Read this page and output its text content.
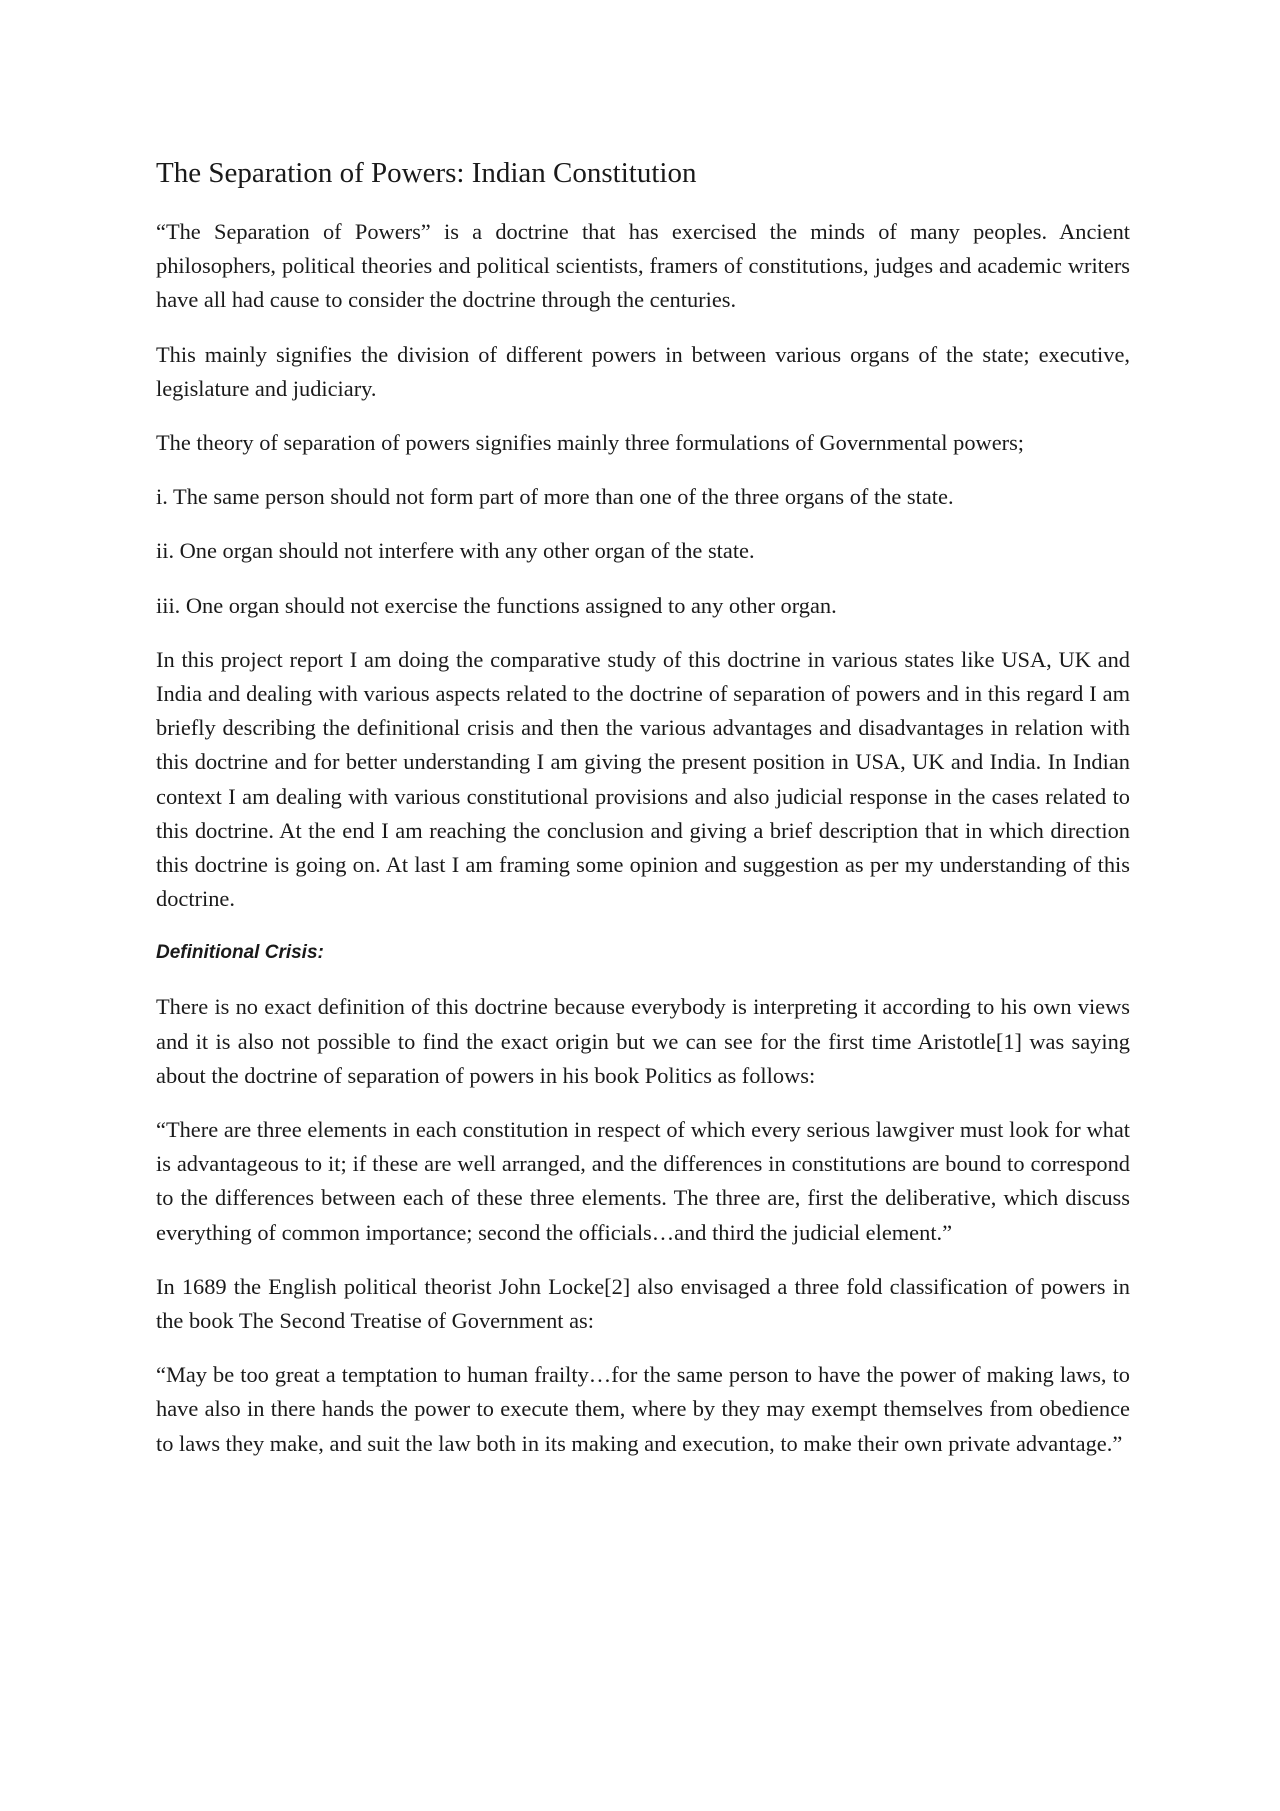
The Separation of Powers: Indian Constitution

“The Separation of Powers” is a doctrine that has exercised the minds of many peoples. Ancient philosophers, political theories and political scientists, framers of constitutions, judges and academic writers have all had cause to consider the doctrine through the centuries.

This mainly signifies the division of different powers in between various organs of the state; executive, legislature and judiciary.

The theory of separation of powers signifies mainly three formulations of Governmental powers;

i. The same person should not form part of more than one of the three organs of the state.

ii. One organ should not interfere with any other organ of the state.

iii. One organ should not exercise the functions assigned to any other organ.

In this project report I am doing the comparative study of this doctrine in various states like USA, UK and India and dealing with various aspects related to the doctrine of separation of powers and in this regard I am briefly describing the definitional crisis and then the various advantages and disadvantages in relation with this doctrine and for better understanding I am giving the present position in USA, UK and India. In Indian context I am dealing with various constitutional provisions and also judicial response in the cases related to this doctrine. At the end I am reaching the conclusion and giving a brief description that in which direction this doctrine is going on. At last I am framing some opinion and suggestion as per my understanding of this doctrine.

Definitional Crisis:

There is no exact definition of this doctrine because everybody is interpreting it according to his own views and it is also not possible to find the exact origin but we can see for the first time Aristotle[1] was saying about the doctrine of separation of powers in his book Politics as follows:

“There are three elements in each constitution in respect of which every serious lawgiver must look for what is advantageous to it; if these are well arranged, and the differences in constitutions are bound to correspond to the differences between each of these three elements. The three are, first the deliberative, which discuss everything of common importance; second the officials…and third the judicial element.”

In 1689 the English political theorist John Locke[2] also envisaged a three fold classification of powers in the book The Second Treatise of Government as:

“May be too great a temptation to human frailty…for the same person to have the power of making laws, to have also in there hands the power to execute them, where by they may exempt themselves from obedience to laws they make, and suit the law both in its making and execution, to make their own private advantage.”
